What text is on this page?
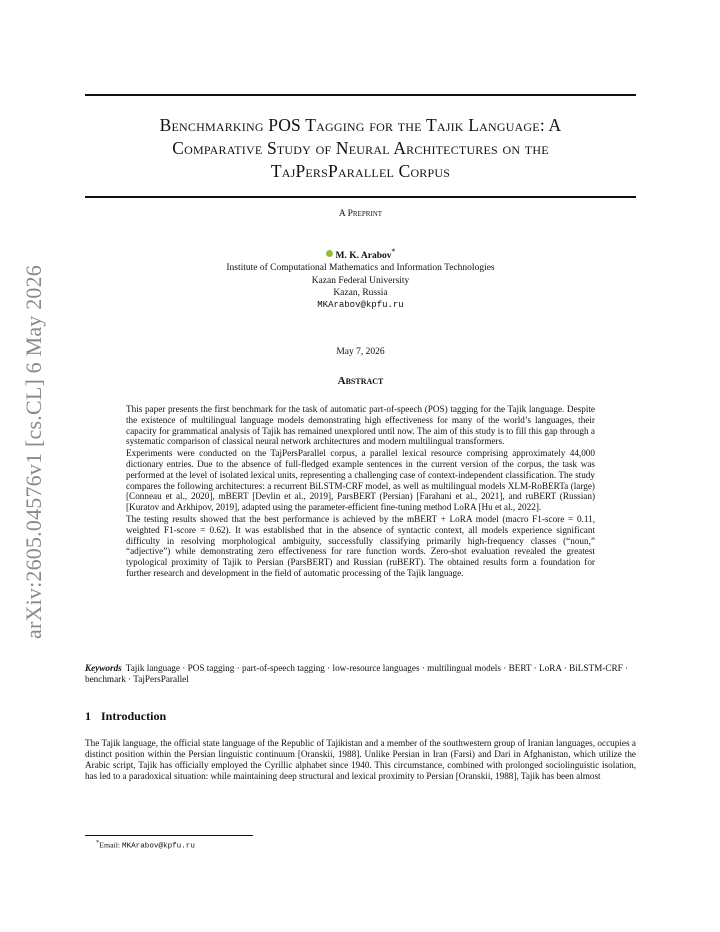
arXiv:2605.04576v1 [cs.CL] 6 May 2026
Benchmarking POS Tagging for the Tajik Language: A
Comparative Study of Neural Architectures on the
TajPersParallel Corpus
A Preprint
M. K. Arabov*
Institute of Computational Mathematics and Information Technologies
Kazan Federal University
Kazan, Russia
MKArabov@kpfu.ru
May 7, 2026
Abstract

This paper presents the first benchmark for the task of automatic part-of-speech (POS) tagging for the Tajik language. Despite the existence of multilingual language models demonstrating high effectiveness for many of the world’s languages, their capacity for grammatical analysis of Tajik has remained unexplored until now. The aim of this study is to fill this gap through a systematic comparison of classical neural network architectures and modern multilingual transformers.

Experiments were conducted on the TajPersParallel corpus, a parallel lexical resource comprising approximately 44,000 dictionary entries. Due to the absence of full-fledged example sentences in the current version of the corpus, the task was performed at the level of isolated lexical units, representing a challenging case of context-independent classification. The study compares the following architectures: a recurrent BiLSTM-CRF model, as well as multilingual models XLM-RoBERTa (large) [Conneau et al., 2020], mBERT [Devlin et al., 2019], ParsBERT (Persian) [Farahani et al., 2021], and ruBERT (Russian) [Kuratov and Arkhipov, 2019], adapted using the parameter-efficient fine-tuning method LoRA [Hu et al., 2022].

The testing results showed that the best performance is achieved by the mBERT + LoRA model (macro F1-score = 0.11, weighted F1-score = 0.62). It was established that in the absence of syntactic context, all models experience significant difficulty in resolving morphological ambiguity, successfully classifying primarily high-frequency classes (“noun,” “adjective”) while demonstrating zero effectiveness for rare function words. Zero-shot evaluation revealed the greatest typological proximity of Tajik to Persian (ParsBERT) and Russian (ruBERT). The obtained results form a foundation for further research and development in the field of automatic processing of the Tajik language.

Keywords Tajik language · POS tagging · part-of-speech tagging · low-resource languages · multilingual models · BERT · LoRA · BiLSTM-CRF · benchmark · TajPersParallel
1 Introduction

The Tajik language, the official state language of the Republic of Tajikistan and a member of the southwestern group of Iranian languages, occupies a distinct position within the Persian linguistic continuum [Oranskii, 1988]. Unlike Persian in Iran (Farsi) and Dari in Afghanistan, which utilize the Arabic script, Tajik has officially employed the Cyrillic alphabet since 1940. This circumstance, combined with prolonged sociolinguistic isolation, has led to a paradoxical situation: while maintaining deep structural and lexical proximity to Persian [Oranskii, 1988], Tajik has been almost

*Email: MKArabov@kpfu.ru
